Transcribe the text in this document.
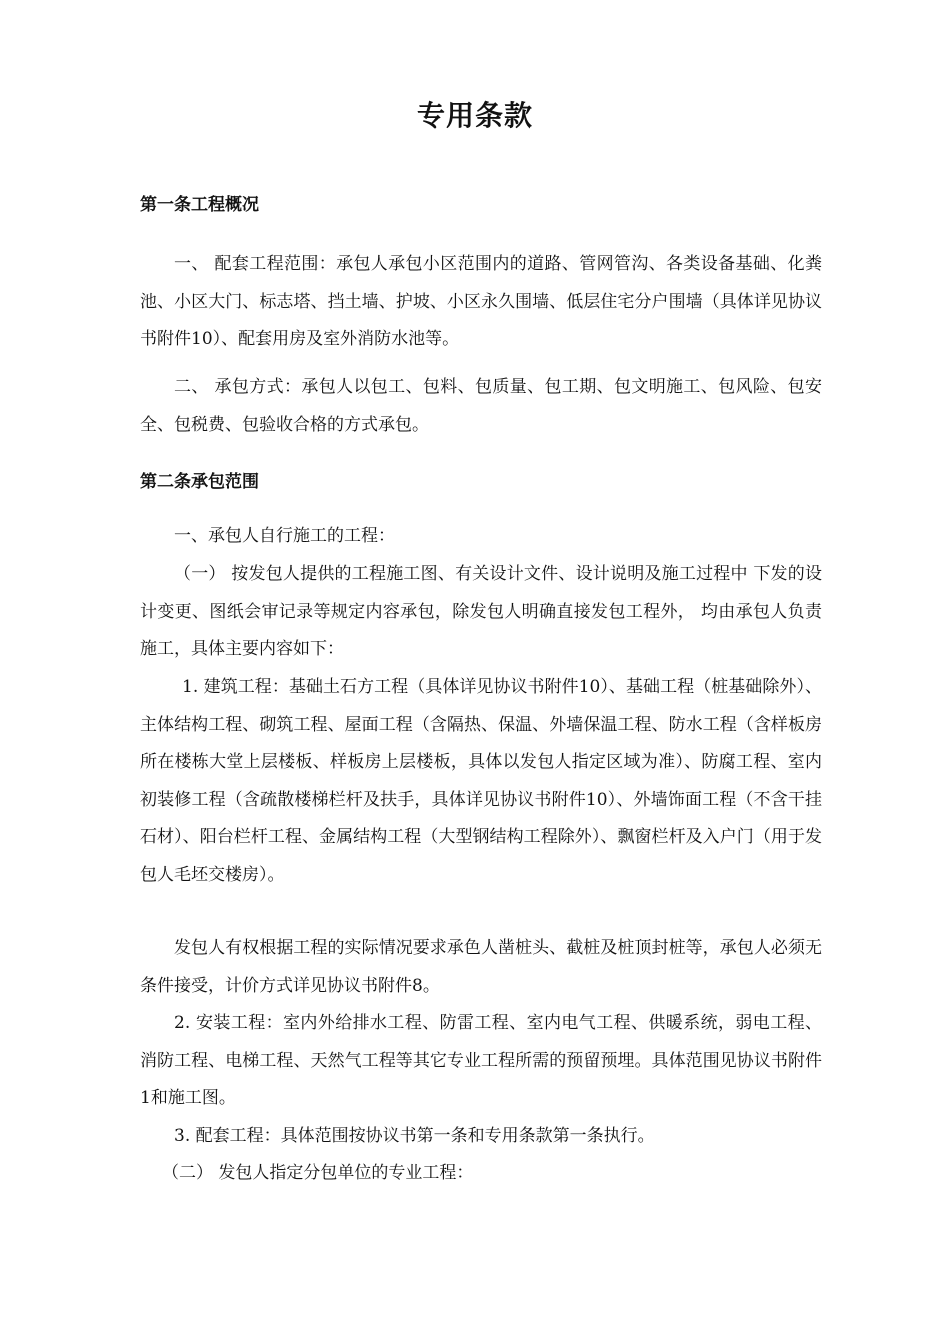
专用条款
第一条工程概况

一、 配套工程范围：承包人承包小区范围内的道路、管网管沟、各类设备基础、化粪池、小区大门、标志塔、挡土墙、护坡、小区永久围墙、低层住宅分户围墙（具体详见协议书附件10）、配套用房及室外消防水池等。

二、 承包方式：承包人以包工、包料、包质量、包工期、包文明施工、包风险、包安全、包税费、包验收合格的方式承包。

第二条承包范围

一、承包人自行施工的工程：

（一） 按发包人提供的工程施工图、有关设计文件、设计说明及施工过程中 下发的设计变更、图纸会审记录等规定内容承包，除发包人明确直接发包工程外， 均由承包人负责施工，具体主要内容如下：

1. 建筑工程：基础土石方工程（具体详见协议书附件10）、基础工程（桩基础除外）、主体结构工程、砌筑工程、屋面工程（含隔热、保温、外墙保温工程、防水工程（含样板房所在楼栋大堂上层楼板、样板房上层楼板，具体以发包人指定区域为准）、防腐工程、室内初装修工程（含疏散楼梯栏杆及扶手，具体详见协议书附件10）、外墙饰面工程（不含干挂石材）、阳台栏杆工程、金属结构工程（大型钢结构工程除外）、飘窗栏杆及入户门（用于发包人毛坯交楼房）。

发包人有权根据工程的实际情况要求承色人凿桩头、截桩及桩顶封桩等，承包人必须无条件接受，计价方式详见协议书附件8。

2. 安装工程：室内外给排水工程、防雷工程、室内电气工程、供暖系统，弱电工程、消防工程、电梯工程、天然气工程等其它专业工程所需的预留预埋。具体范围见协议书附件1和施工图。

3. 配套工程：具体范围按协议书第一条和专用条款第一条执行。

（二） 发包人指定分包单位的专业工程：
